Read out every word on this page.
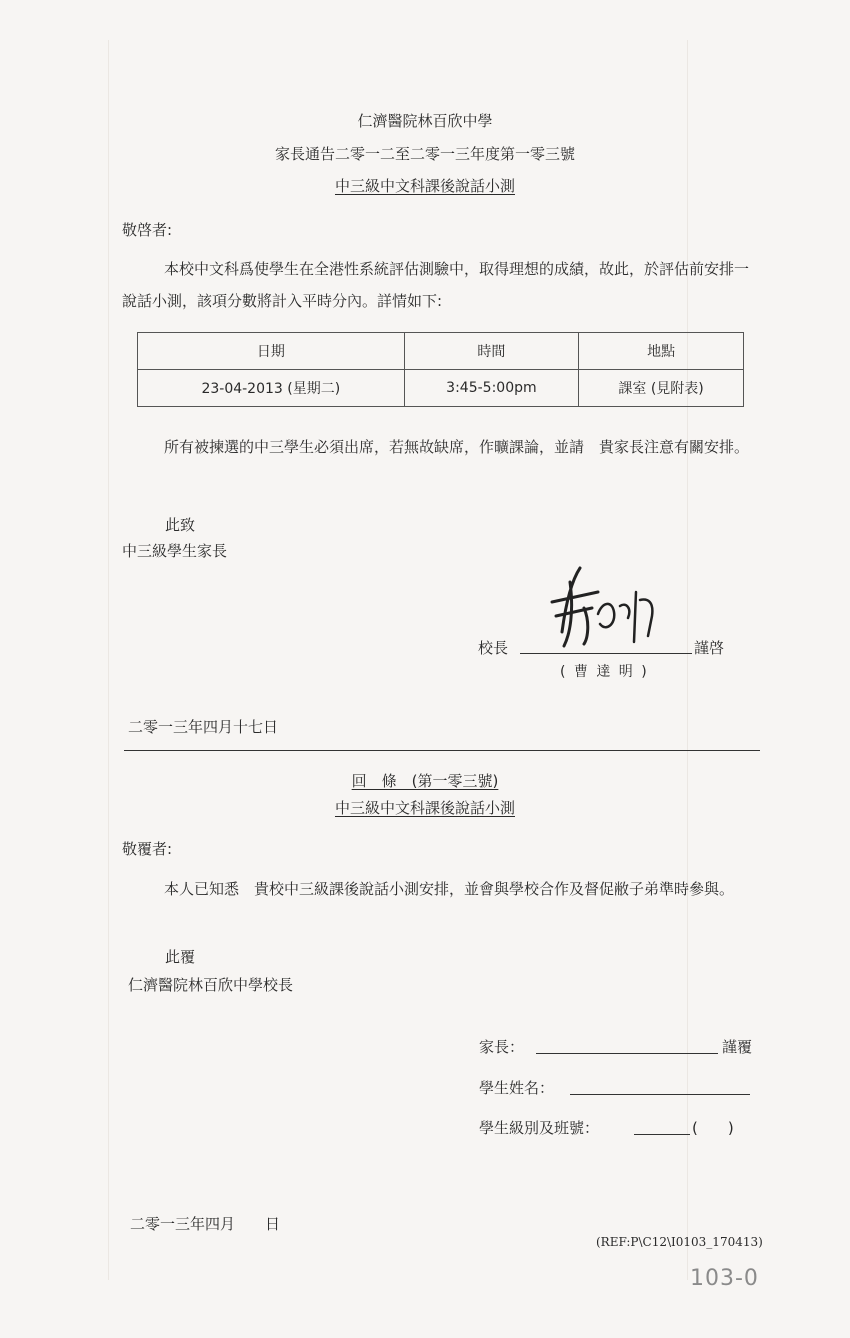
仁濟醫院林百欣中學
家長通告二零一二至二零一三年度第一零三號
中三級中文科課後說話小測
敬啓者:
本校中文科爲使學生在全港性系統評估測驗中，取得理想的成績，故此，於評估前安排一說話小測，該項分數將計入平時分內。詳情如下:
日期	時間	地點
23-04-2013 (星期二)	3:45-5:00pm	課室 (見附表)
所有被揀選的中三學生必須出席，若無故缺席，作曠課論，並請　貴家長注意有關安排。
此致
中三級學生家長
校長	謹啓
( 曹 達 明 )
二零一三年四月十七日
回　條　(第一零三號)
中三級中文科課後說話小測
敬覆者:
本人已知悉　貴校中三級課後說話小測安排，並會與學校合作及督促敝子弟準時參與。
此覆
仁濟醫院林百欣中學校長
家長：	謹覆
學生姓名：
學生級別及班號：	(　　)
二零一三年四月　　日
(REF:P\C12\I0103_170413)
103-0
